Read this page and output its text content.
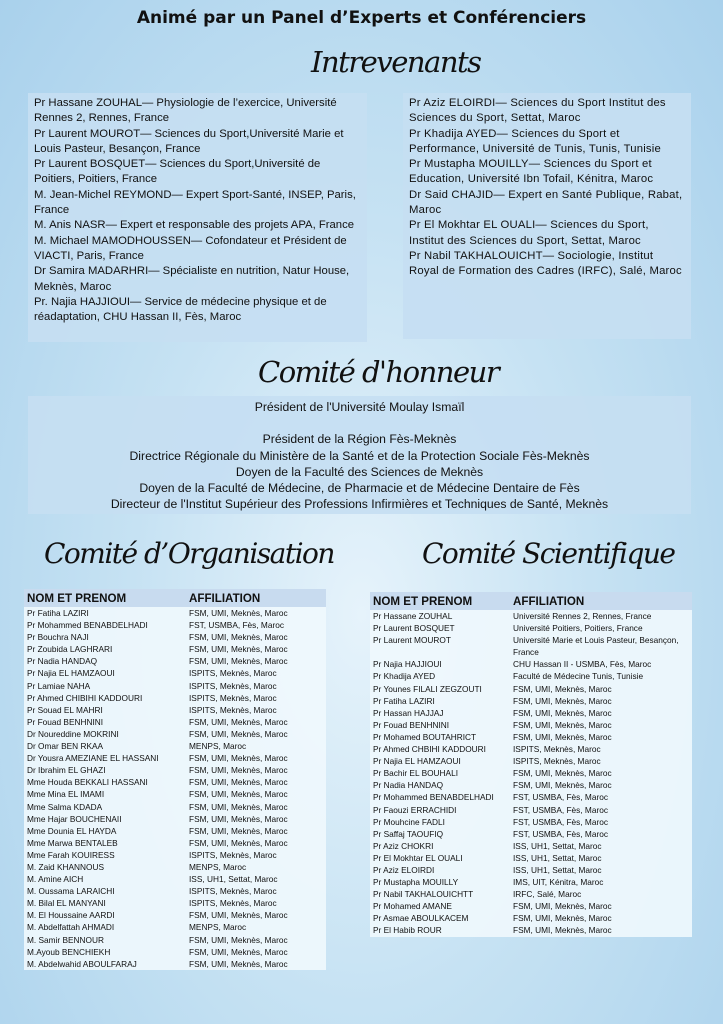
Animé par un Panel d’Experts et Conférenciers
Intrevenants

Pr Hassane ZOUHAL— Physiologie de l’exercice, Université Rennes 2, Rennes, France

Pr Laurent MOUROT— Sciences du Sport,Université Marie et Louis Pasteur, Besançon, France

Pr Laurent BOSQUET— Sciences du Sport,Université de Poitiers, Poitiers, France

M. Jean-Michel REYMOND— Expert Sport-Santé, INSEP, Paris, France

M. Anis NASR— Expert et responsable des projets APA, France

M. Michael MAMODHOUSSEN— Cofondateur et Président de VIACTI, Paris, France

Dr Samira MADARHRI— Spécialiste en nutrition, Natur House, Meknès, Maroc

Pr. Najia HAJJIOUI— Service de médecine physique et de réadaptation, CHU Hassan II, Fès, Maroc

Pr Aziz ELOIRDI— Sciences du Sport Institut des Sciences du Sport, Settat, Maroc

Pr Khadija AYED— Sciences du Sport et Performance, Université de Tunis, Tunis, Tunisie

Pr Mustapha MOUILLY— Sciences du Sport et Education, Université Ibn Tofail, Kénitra, Maroc

Dr Said CHAJID— Expert en Santé Publique, Rabat, Maroc

Pr El Mokhtar EL OUALI— Sciences du Sport, Institut des Sciences du Sport, Settat, Maroc

Pr Nabil TAKHALOUICHT— Sociologie, Institut Royal de Formation des Cadres (IRFC), Salé, Maroc

Comité d'honneur
Président de l'Université Moulay Ismaïl

Président de la Région Fès-Meknès
Directrice Régionale du Ministère de la Santé et de la Protection Sociale Fès-Meknès
Doyen de la Faculté des Sciences de Meknès
Doyen de la Faculté de Médecine, de Pharmacie et de Médecine Dentaire de Fès
Directeur de l'Institut Supérieur des Professions Infirmières et Techniques de Santé, Meknès
Comité d’Organisation	Comité Scientifique
NOM ET PRENOM	AFFILIATION
Pr Fatiha LAZIRI	FSM, UMI, Meknès, Maroc
Pr Mohammed BENABDELHADI	FST, USMBA, Fès, Maroc
Pr Bouchra NAJI	FSM, UMI, Meknès, Maroc
Pr Zoubida LAGHRARI	FSM, UMI, Meknès, Maroc
Pr Nadia HANDAQ	FSM, UMI, Meknès, Maroc
Pr Najia EL HAMZAOUI	ISPITS, Meknès, Maroc
Pr Lamiae NAHA	ISPITS, Meknès, Maroc
Pr Ahmed CHIBIHI KADDOURI	ISPITS, Meknès, Maroc
Pr Souad EL MAHRI	ISPITS, Meknès, Maroc
Pr Fouad BENHNINI	FSM, UMI, Meknès, Maroc
Dr Noureddine MOKRINI	FSM, UMI, Meknès, Maroc
Dr Omar BEN RKAA	MENPS, Maroc
Dr Yousra AMEZIANE EL HASSANI	FSM, UMI, Meknès, Maroc
Dr Ibrahim EL GHAZI	FSM, UMI, Meknès, Maroc
Mme Houda BEKKALI HASSANI	FSM, UMI, Meknès, Maroc
Mme Mina EL IMAMI	FSM, UMI, Meknès, Maroc
Mme Salma KDADA	FSM, UMI, Meknès, Maroc
Mme Hajar BOUCHENAII	FSM, UMI, Meknès, Maroc
Mme Dounia EL HAYDA	FSM, UMI, Meknès, Maroc
Mme Marwa BENTALEB	FSM, UMI, Meknès, Maroc
Mme Farah KOUIRESS	ISPITS, Meknès, Maroc
M. Zaid KHANNOUS	MENPS, Maroc
M. Amine AICH	ISS, UH1, Settat, Maroc
M. Oussama LARAICHI	ISPITS, Meknès, Maroc
M. Bilal EL MANYANI	ISPITS, Meknès, Maroc
M. El Houssaine AARDI	FSM, UMI, Meknès, Maroc
M. Abdelfattah AHMADI	MENPS, Maroc
M. Samir BENNOUR	FSM, UMI, Meknès, Maroc
M.Ayoub BENCHIEKH	FSM, UMI, Meknès, Maroc
M. Abdelwahid ABOULFARAJ	FSM, UMI, Meknès, Maroc
NOM ET PRENOM	AFFILIATION
Pr Hassane ZOUHAL	Université Rennes 2, Rennes, France
Pr Laurent BOSQUET	Université Poitiers, Poitiers, France
Pr Laurent MOUROT	Université Marie et Louis Pasteur, Besançon, France
Pr Najia HAJJIOUI	CHU Hassan II - USMBA, Fès, Maroc
Pr Khadija AYED	Faculté de Médecine Tunis, Tunisie
Pr Younes FILALI ZEGZOUTI	FSM, UMI, Meknès, Maroc
Pr Fatiha LAZIRI	FSM, UMI, Meknès, Maroc
Pr Hassan HAJJAJ	FSM, UMI, Meknès, Maroc
Pr Fouad BENHNINI	FSM, UMI, Meknès, Maroc
Pr Mohamed BOUTAHRICT	FSM, UMI, Meknès, Maroc
Pr Ahmed CHBIHI KADDOURI	ISPITS, Meknès, Maroc
Pr Najia EL HAMZAOUI	ISPITS, Meknès, Maroc
Pr Bachir EL BOUHALI	FSM, UMI, Meknès, Maroc
Pr Nadia HANDAQ	FSM, UMI, Meknès, Maroc
Pr Mohammed BENABDELHADI	FST, USMBA, Fès, Maroc
Pr Faouzi ERRACHIDI	FST, USMBA, Fès, Maroc
Pr Mouhcine FADLI	FST, USMBA, Fès, Maroc
Pr Saffaj TAOUFIQ	FST, USMBA, Fès, Maroc
Pr Aziz CHOKRI	ISS, UH1, Settat, Maroc
Pr El Mokhtar EL OUALI	ISS, UH1, Settat, Maroc
Pr Aziz ELOIRDI	ISS, UH1, Settat, Maroc
Pr Mustapha MOUILLY	IMS, UIT, Kénitra, Maroc
Pr Nabil TAKHALOUICHTT	IRFC, Salé, Maroc
Pr Mohamed AMANE	FSM, UMI, Meknès, Maroc
Pr Asmae ABOULKACEM	FSM, UMI, Meknès, Maroc
Pr El Habib ROUR	FSM, UMI, Meknès, Maroc
